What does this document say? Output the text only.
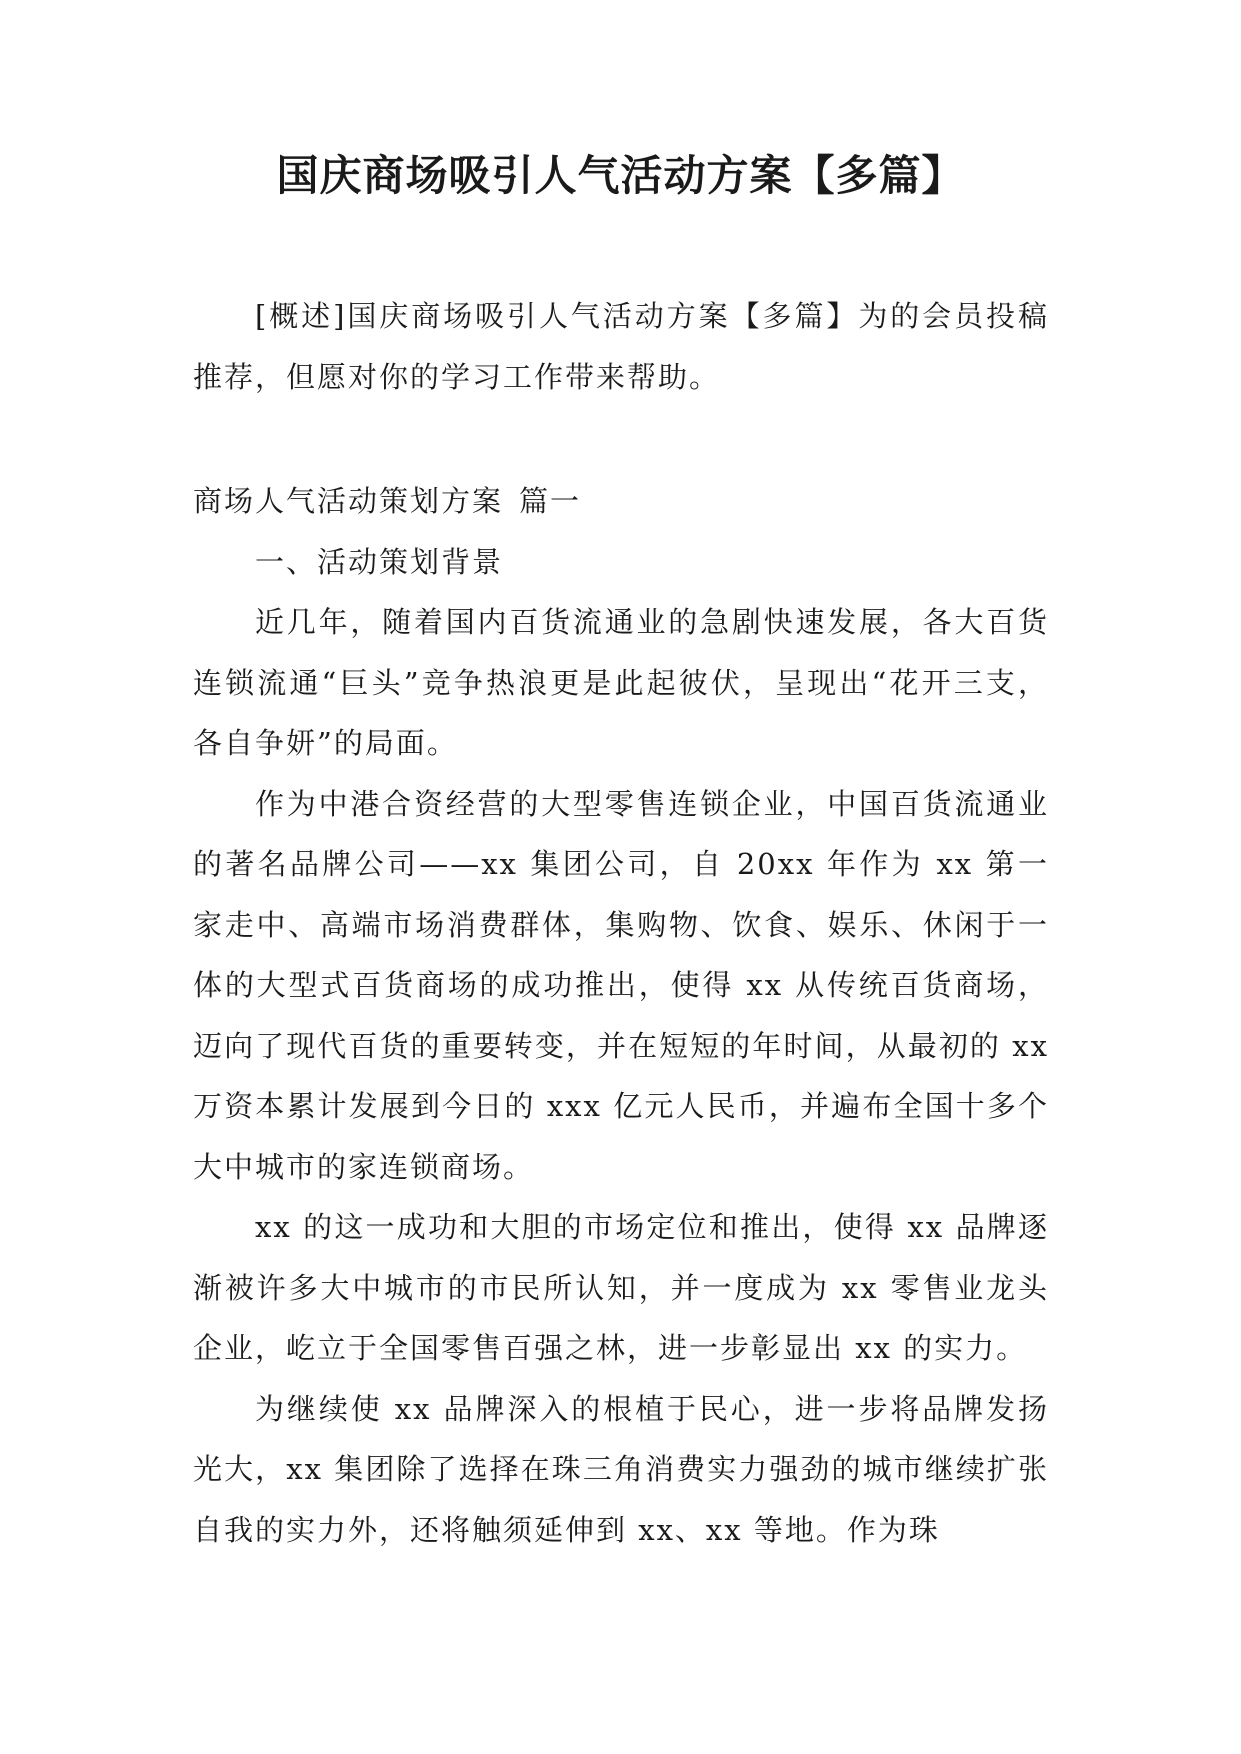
国庆商场吸引人气活动方案【多篇】

[概述]国庆商场吸引人气活动方案【多篇】为的会员投稿推荐，但愿对你的学习工作带来帮助。

商场人气活动策划方案 篇一

一、活动策划背景

近几年，随着国内百货流通业的急剧快速发展，各大百货连锁流通“巨头”竞争热浪更是此起彼伏，呈现出“花开三支，各自争妍”的局面。

作为中港合资经营的大型零售连锁企业，中国百货流通业的著名品牌公司——xx 集团公司，自 20xx 年作为 xx 第一家走中、高端市场消费群体，集购物、饮食、娱乐、休闲于一体的大型式百货商场的成功推出，使得 xx 从传统百货商场，迈向了现代百货的重要转变，并在短短的年时间，从最初的 xx 万资本累计发展到今日的 xxx 亿元人民币，并遍布全国十多个大中城市的家连锁商场。

xx 的这一成功和大胆的市场定位和推出，使得 xx 品牌逐渐被许多大中城市的市民所认知，并一度成为 xx 零售业龙头企业，屹立于全国零售百强之林，进一步彰显出 xx 的实力。

为继续使 xx 品牌深入的根植于民心，进一步将品牌发扬光大，xx 集团除了选择在珠三角消费实力强劲的城市继续扩张自我的实力外，还将触须延伸到 xx、xx 等地。作为珠
